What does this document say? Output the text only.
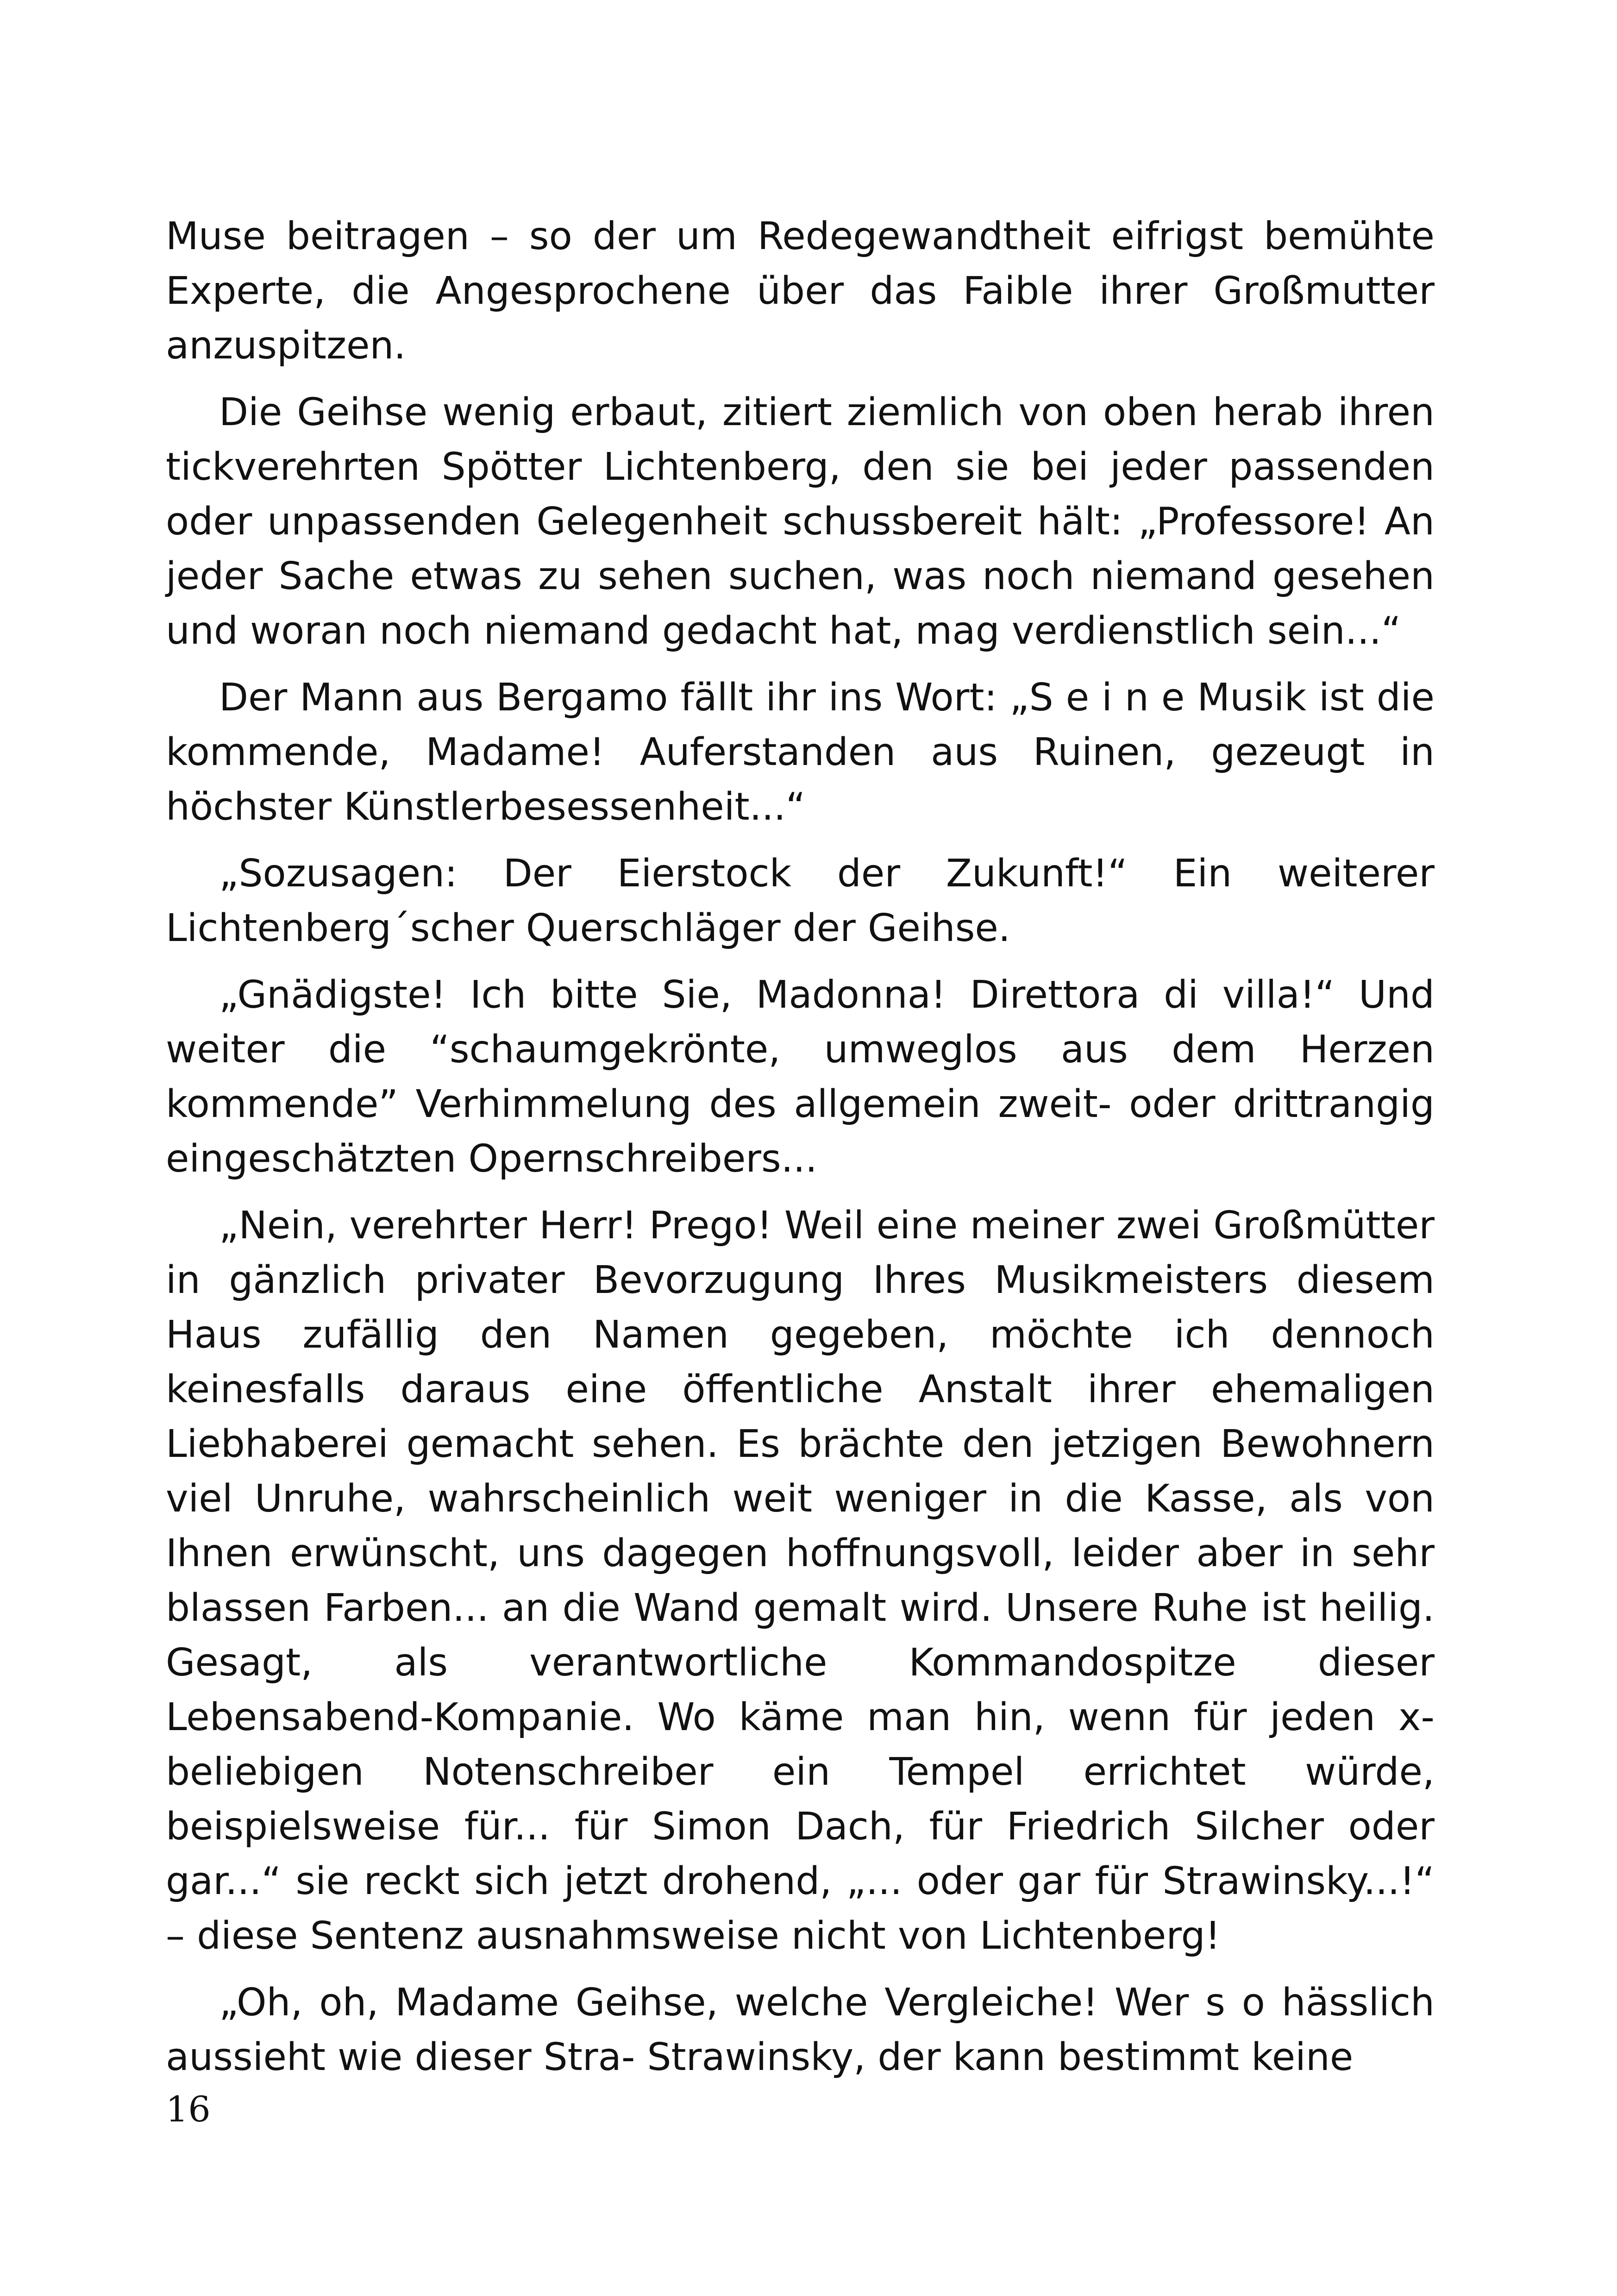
Muse beitragen – so der um Redegewandtheit eifrigst bemühte Experte, die Angesprochene über das Faible ihrer Großmutter anzuspitzen.

Die Geihse wenig erbaut, zitiert ziemlich von oben herab ihren tickverehrten Spötter Lichtenberg, den sie bei jeder passenden oder unpassenden Gelegenheit schussbereit hält: „Professore! An jeder Sache etwas zu sehen suchen, was noch niemand gesehen und woran noch niemand gedacht hat, mag verdienstlich sein...“

Der Mann aus Bergamo fällt ihr ins Wort: „S e i n e Musik ist die kommende, Madame! Auferstanden aus Ruinen, gezeugt in höchster Künstlerbesessenheit...“

„Sozusagen: Der Eierstock der Zukunft!“ Ein weiterer Lichtenberg´scher Querschläger der Geihse.

„Gnädigste! Ich bitte Sie, Madonna! Direttora di villa!“ Und weiter die “schaumgekrönte, umweglos aus dem Herzen kommende” Verhimmelung des allgemein zweit- oder drittrangig eingeschätzten Opernschreibers...

„Nein, verehrter Herr! Prego! Weil eine meiner zwei Großmütter in gänzlich privater Bevorzugung Ihres Musikmeisters diesem Haus zufällig den Namen gegeben, möchte ich dennoch keinesfalls daraus eine öffentliche Anstalt ihrer ehemaligen Liebhaberei gemacht sehen. Es brächte den jetzigen Bewohnern viel Unruhe, wahrscheinlich weit weniger in die Kasse, als von Ihnen erwünscht, uns dagegen hoffnungsvoll, leider aber in sehr blassen Farben... an die Wand gemalt wird. Unsere Ruhe ist heilig. Gesagt, als verantwortliche Kommandospitze dieser Lebensabend-Kompanie. Wo käme man hin, wenn für jeden x-beliebigen Notenschreiber ein Tempel errichtet würde, beispielsweise für... für Simon Dach, für Friedrich Silcher oder gar...“ sie reckt sich jetzt drohend, „... oder gar für Strawinsky...!“ – diese Sentenz ausnahmsweise nicht von Lichtenberg!

„Oh, oh, Madame Geihse, welche Vergleiche! Wer s o hässlich aussieht wie dieser Stra- Strawinsky, der kann bestimmt keine

16
